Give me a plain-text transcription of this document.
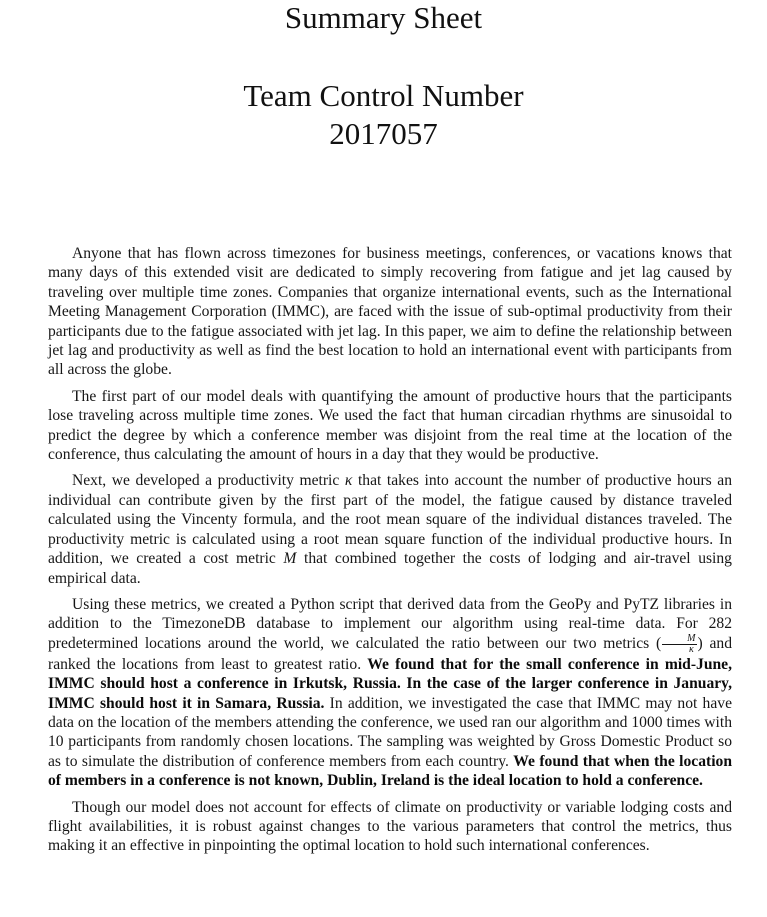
Summary Sheet
Team Control Number
2017057

Anyone that has flown across timezones for business meetings, conferences, or vacations knows that many days of this extended visit are dedicated to simply recovering from fatigue and jet lag caused by traveling over multiple time zones. Companies that organize international events, such as the International Meeting Management Corporation (IMMC), are faced with the issue of sub-optimal productivity from their participants due to the fatigue associated with jet lag. In this paper, we aim to define the relationship between jet lag and productivity as well as find the best location to hold an international event with participants from all across the globe.

The first part of our model deals with quantifying the amount of productive hours that the participants lose traveling across multiple time zones. We used the fact that human circadian rhythms are sinusoidal to predict the degree by which a conference member was disjoint from the real time at the location of the conference, thus calculating the amount of hours in a day that they would be productive.

Next, we developed a productivity metric κ that takes into account the number of productive hours an individual can contribute given by the first part of the model, the fatigue caused by distance traveled calculated using the Vincenty formula, and the root mean square of the individual distances traveled. The productivity metric is calculated using a root mean square function of the individual productive hours. In addition, we created a cost metric M that combined together the costs of lodging and air-travel using empirical data.

Using these metrics, we created a Python script that derived data from the GeoPy and PyTZ libraries in addition to the TimezoneDB database to implement our algorithm using real-time data. For 282 predetermined locations around the world, we calculated the ratio between our two metrics ( $\frac{M}{\kappa}$ ) and ranked the locations from least to greatest ratio. We found that for the small conference in mid-June, IMMC should host a conference in Irkutsk, Russia. In the case of the larger conference in January, IMMC should host it in Samara, Russia. In addition, we investigated the case that IMMC may not have data on the location of the members attending the conference, we used ran our algorithm and 1000 times with 10 participants from randomly chosen locations. The sampling was weighted by Gross Domestic Product so as to simulate the distribution of conference members from each country. We found that when the location of members in a conference is not known, Dublin, Ireland is the ideal location to hold a conference.

Though our model does not account for effects of climate on productivity or variable lodging costs and flight availabilities, it is robust against changes to the various parameters that control the metrics, thus making it an effective in pinpointing the optimal location to hold such international conferences.
